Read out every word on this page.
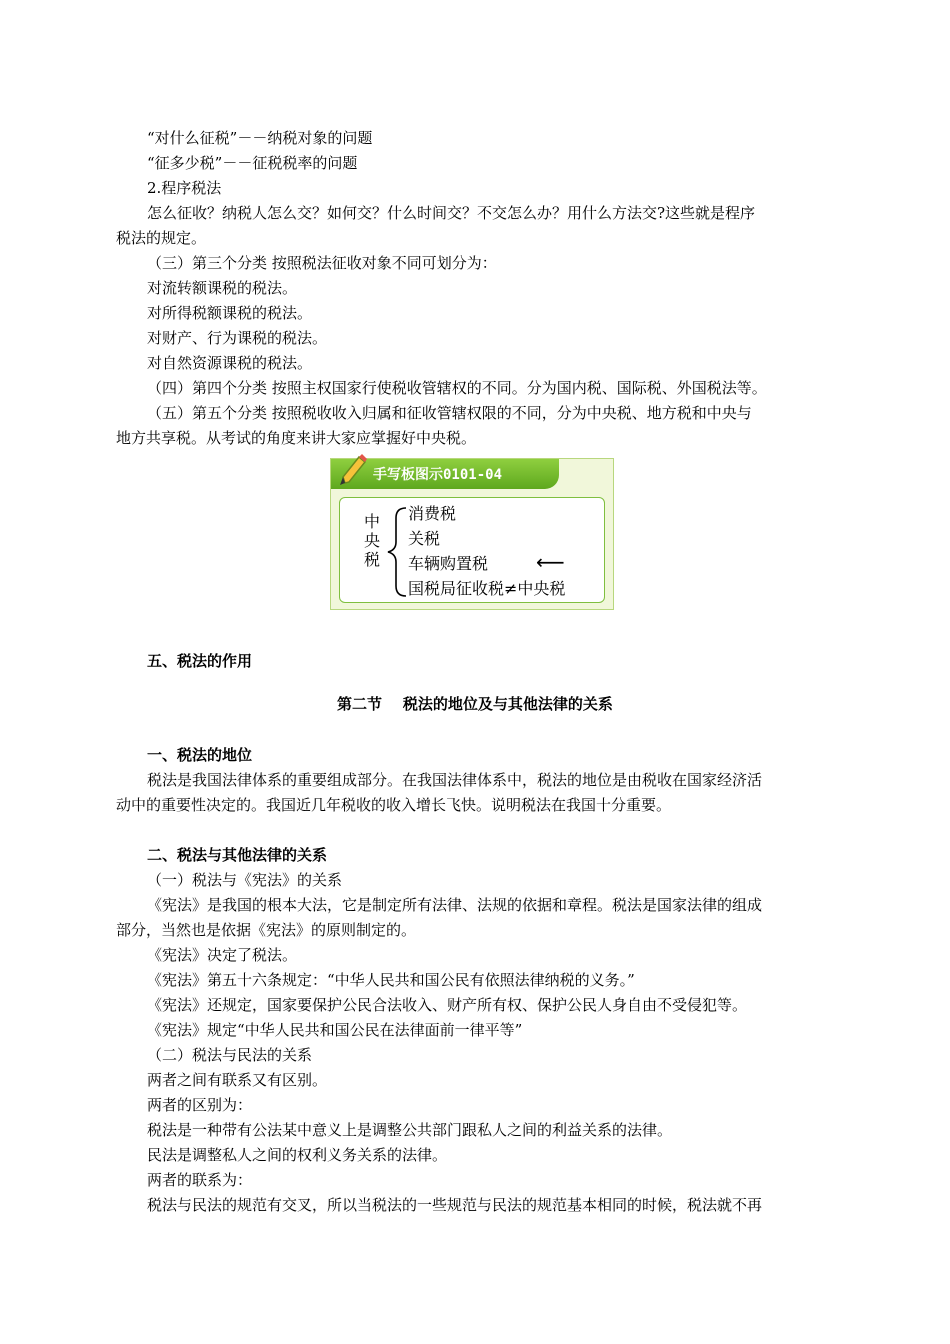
“对什么征税”－－纳税对象的问题
“征多少税”－－征税税率的问题
2.程序税法
怎么征收？纳税人怎么交？如何交？什么时间交？不交怎么办？用什么方法交?这些就是程序
税法的规定。
（三）第三个分类 按照税法征收对象不同可划分为：
对流转额课税的税法。
对所得税额课税的税法。
对财产、行为课税的税法。
对自然资源课税的税法。
（四）第四个分类 按照主权国家行使税收管辖权的不同。分为国内税、国际税、外国税法等。
（五）第五个分类 按照税收收入归属和征收管辖权限的不同，分为中央税、地方税和中央与
地方共享税。从考试的角度来讲大家应掌握好中央税。
手写板图示0101-04
中
央
税
消费税
关税
车辆购置税
国税局征收税≠中央税
⟵
五、税法的作用
第二节    税法的地位及与其他法律的关系
一、税法的地位
税法是我国法律体系的重要组成部分。在我国法律体系中，税法的地位是由税收在国家经济活
动中的重要性决定的。我国近几年税收的收入增长飞快。说明税法在我国十分重要。
二、税法与其他法律的关系
（一）税法与《宪法》的关系
《宪法》是我国的根本大法，它是制定所有法律、法规的依据和章程。税法是国家法律的组成
部分，当然也是依据《宪法》的原则制定的。
《宪法》决定了税法。
《宪法》第五十六条规定：“中华人民共和国公民有依照法律纳税的义务。”
《宪法》还规定，国家要保护公民合法收入、财产所有权、保护公民人身自由不受侵犯等。
《宪法》规定“中华人民共和国公民在法律面前一律平等”
（二）税法与民法的关系
两者之间有联系又有区别。
两者的区别为：
税法是一种带有公法某中意义上是调整公共部门跟私人之间的利益关系的法律。
民法是调整私人之间的权利义务关系的法律。
两者的联系为：
税法与民法的规范有交叉，所以当税法的一些规范与民法的规范基本相同的时候，税法就不再
